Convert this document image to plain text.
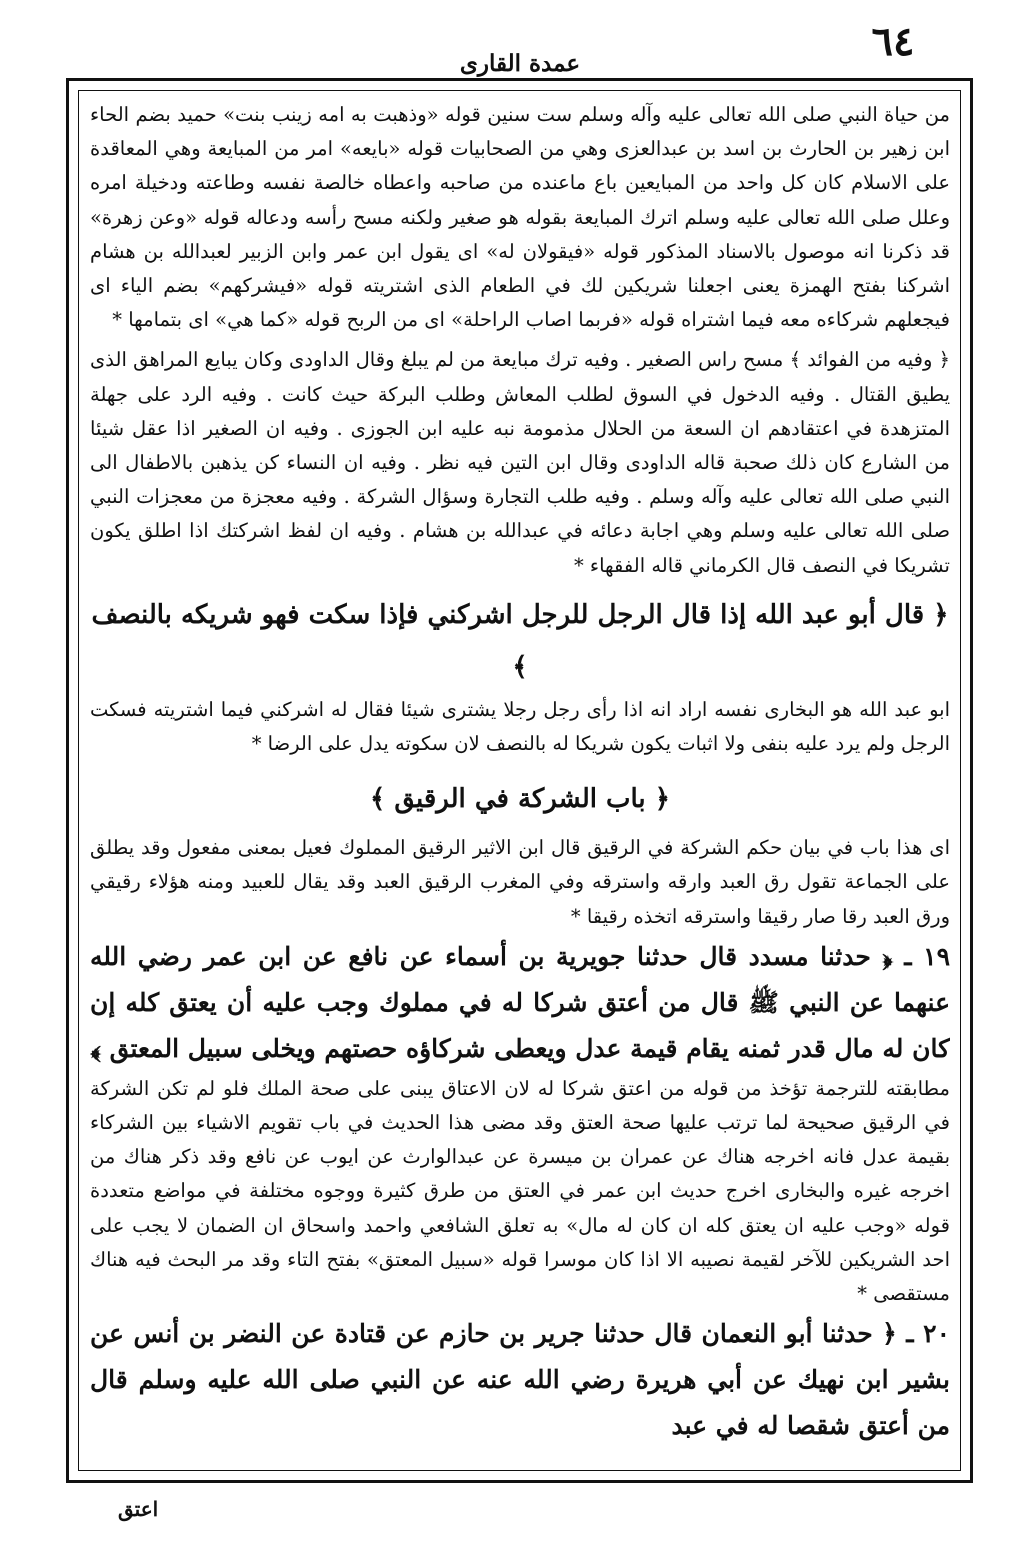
٦٤
عمدة القارى

من حياة النبي صلى الله تعالى عليه وآله وسلم ست سنين قوله «وذهبت به امه زينب بنت» حميد بضم الحاء ابن زهير بن الحارث بن اسد بن عبدالعزى وهي من الصحابيات قوله «بايعه» امر من المبايعة وهي المعاقدة على الاسلام كان كل واحد من المبايعين باع ماعنده من صاحبه واعطاه خالصة نفسه وطاعته ودخيلة امره وعلل صلى الله تعالى عليه وسلم اترك المبايعة بقوله هو صغير ولكنه مسح رأسه ودعاله قوله «وعن زهرة» قد ذكرنا انه موصول بالاسناد المذكور قوله «فيقولان له» اى يقول ابن عمر وابن الزبير لعبدالله بن هشام اشركنا بفتح الهمزة يعنى اجعلنا شريكين لك في الطعام الذى اشتريته قوله «فيشركهم» بضم الياء اى فيجعلهم شركاءه معه فيما اشتراه قوله «فربما اصاب الراحلة» اى من الربح قوله «كما هي» اى بتمامها *

﴿ وفيه من الفوائد ﴾ مسح راس الصغير . وفيه ترك مبايعة من لم يبلغ وقال الداودى وكان يبايع المراهق الذى يطيق القتال . وفيه الدخول في السوق لطلب المعاش وطلب البركة حيث كانت . وفيه الرد على جهلة المتزهدة في اعتقادهم ان السعة من الحلال مذمومة نبه عليه ابن الجوزى . وفيه ان الصغير اذا عقل شيئا من الشارع كان ذلك صحبة قاله الداودى وقال ابن التين فيه نظر . وفيه ان النساء كن يذهبن بالاطفال الى النبي صلى الله تعالى عليه وآله وسلم . وفيه طلب التجارة وسؤال الشركة . وفيه معجزة من معجزات النبي صلى الله تعالى عليه وسلم وهي اجابة دعائه في عبدالله بن هشام . وفيه ان لفظ اشركتك اذا اطلق يكون تشريكا في النصف قال الكرماني قاله الفقهاء *

﴿ قال أبو عبد الله إذا قال الرجل للرجل اشركني فإذا سكت فهو شريكه بالنصف ﴾

ابو عبد الله هو البخارى نفسه اراد انه اذا رأى رجل رجلا يشترى شيئا فقال له اشركني فيما اشتريته فسكت الرجل ولم يرد عليه بنفى ولا اثبات يكون شريكا له بالنصف لان سكوته يدل على الرضا *

﴿ باب الشركة في الرقيق ﴾

اى هذا باب في بيان حكم الشركة في الرقيق قال ابن الاثير الرقيق المملوك فعيل بمعنى مفعول وقد يطلق على الجماعة تقول رق العبد وارقه واسترقه وفي المغرب الرقيق العبد وقد يقال للعبيد ومنه هؤلاء رقيقي ورق العبد رقا صار رقيقا واسترقه اتخذه رقيقا *

١٩ ـ ﴿ حدثنا مسدد قال حدثنا جويرية بن أسماء عن نافع عن ابن عمر رضي الله عنهما عن النبي ﷺ قال من أعتق شركا له في مملوك وجب عليه أن يعتق كله إن كان له مال قدر ثمنه يقام قيمة عدل ويعطى شركاؤه حصتهم ويخلى سبيل المعتق ﴾

مطابقته للترجمة تؤخذ من قوله من اعتق شركا له لان الاعتاق يبنى على صحة الملك فلو لم تكن الشركة في الرقيق صحيحة لما ترتب عليها صحة العتق وقد مضى هذا الحديث في باب تقويم الاشياء بين الشركاء بقيمة عدل فانه اخرجه هناك عن عمران بن ميسرة عن عبدالوارث عن ايوب عن نافع وقد ذكر هناك من اخرجه غيره والبخارى اخرج حديث ابن عمر في العتق من طرق كثيرة ووجوه مختلفة في مواضع متعددة قوله «وجب عليه ان يعتق كله ان كان له مال» به تعلق الشافعي واحمد واسحاق ان الضمان لا يجب على احد الشريكين للآخر لقيمة نصيبه الا اذا كان موسرا قوله «سبيل المعتق» بفتح التاء وقد مر البحث فيه هناك مستقصى *

٢٠ ـ ﴿ حدثنا أبو النعمان قال حدثنا جرير بن حازم عن قتادة عن النضر بن أنس عن بشير ابن نهيك عن أبي هريرة رضي الله عنه عن النبي صلى الله عليه وسلم قال من أعتق شقصا له في عبد

اعتق
